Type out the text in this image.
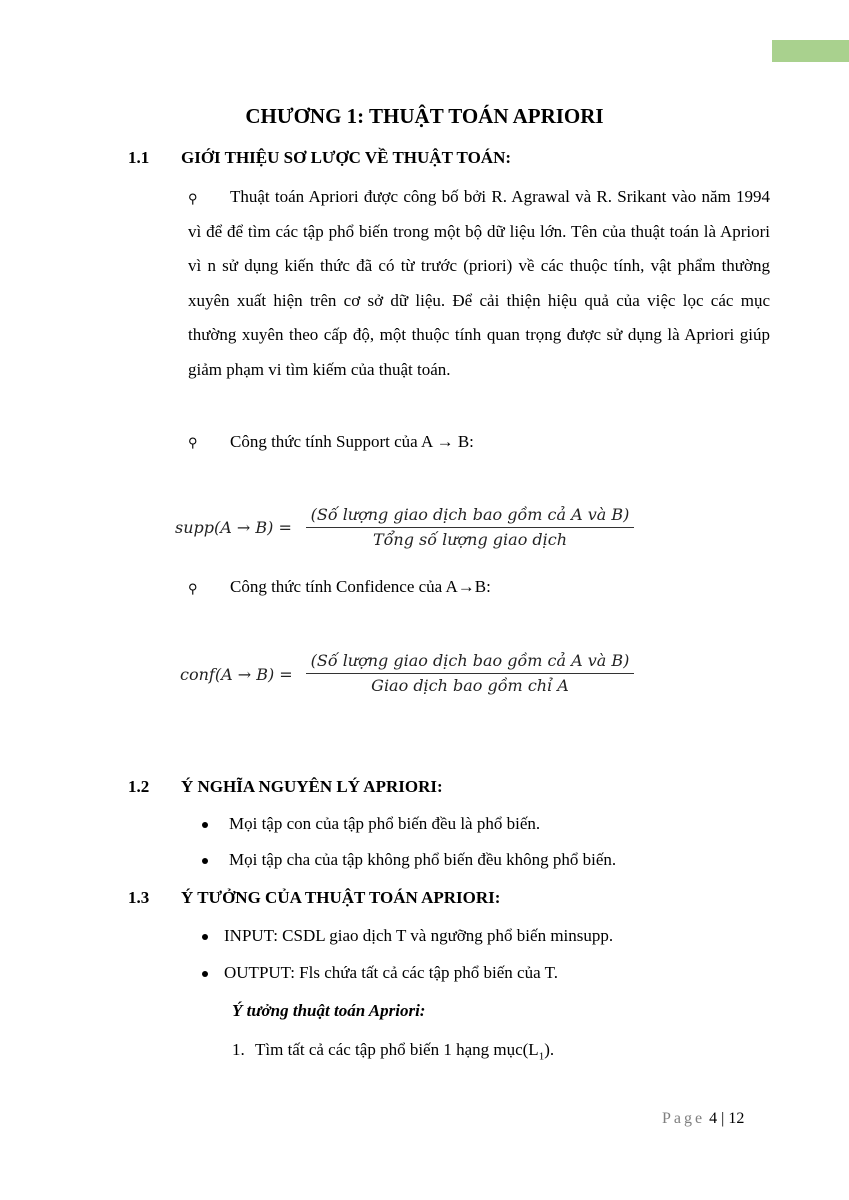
CHƯƠNG 1: THUẬT TOÁN APRIORI
1.1 GIỚI THIỆU SƠ LƯỢC VỀ THUẬT TOÁN:
⚲	Thuật toán Apriori được công bố bởi R. Agrawal và R. Srikant vào năm 1994 vì để để tìm các tập phổ biến trong một bộ dữ liệu lớn. Tên của thuật toán là Apriori vì n sử dụng kiến thức đã có từ trước (priori) về các thuộc tính, vật phẩm thường xuyên xuất hiện trên cơ sở dữ liệu. Để cải thiện hiệu quả của việc lọc các mục thường xuyên theo cấp độ, một thuộc tính quan trọng được sử dụng là Apriori giúp giảm phạm vi tìm kiếm của thuật toán.
⚲ Công thức tính Support của A → B:
supp(A → B) =
(Số lượng giao dịch bao gồm cả A và B)
Tổng số lượng giao dịch
⚲ Công thức tính Confidence của A→B:
conf(A → B) =
(Số lượng giao dịch bao gồm cả A và B)
Giao dịch bao gồm chỉ A
1.2 Ý NGHĨA NGUYÊN LÝ APRIORI:
Mọi tập con của tập phổ biến đều là phổ biến.
Mọi tập cha của tập không phổ biến đều không phổ biến.
1.3 Ý TƯỞNG CỦA THUẬT TOÁN APRIORI:
INPUT: CSDL giao dịch T và ngưỡng phổ biến minsupp.
OUTPUT: Fls chứa tất cả các tập phổ biến của T.
Ý tưởng thuật toán Apriori:
1. Tìm tất cả các tập phổ biến 1 hạng $mục(L_1)$.
Page 4 | 12
